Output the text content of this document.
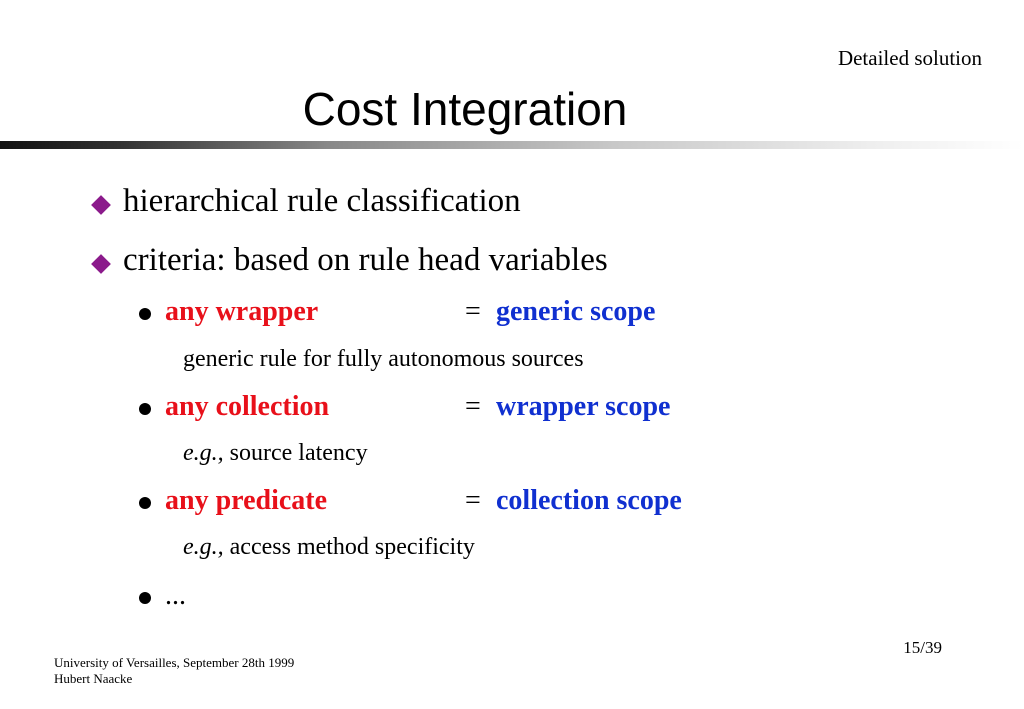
Detailed solution
Cost Integration
hierarchical rule classification
criteria: based on rule head variables
any wrapper	= generic scope
generic rule for fully autonomous sources
any collection	= wrapper scope
e.g., source latency
any predicate	= collection scope
e.g., access method specificity
...
15/39
University of Versailles, September 28th 1999
Hubert Naacke
